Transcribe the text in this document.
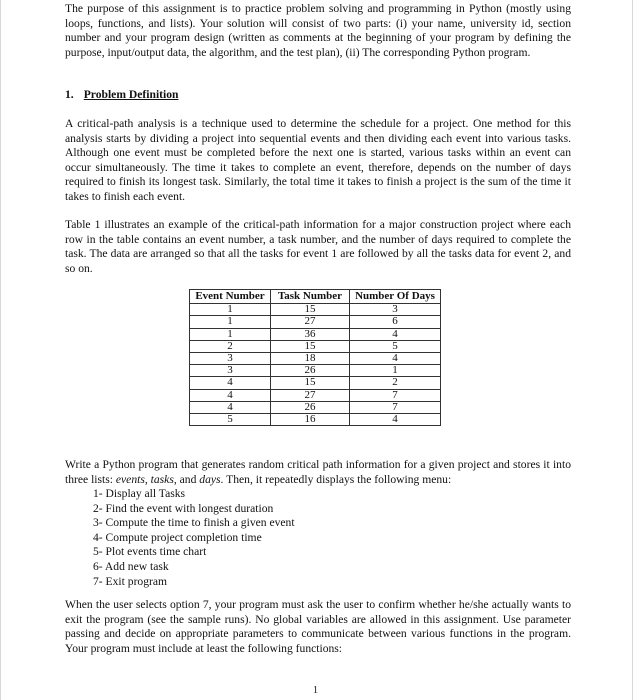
The purpose of this assignment is to practice problem solving and programming in Python (mostly using loops, functions, and lists). Your solution will consist of two parts: (i) your name, university id, section number and your program design (written as comments at the beginning of your program by defining the purpose, input/output data, the algorithm, and the test plan), (ii) The corresponding Python program.

1. Problem Definition

A critical-path analysis is a technique used to determine the schedule for a project. One method for this analysis starts by dividing a project into sequential events and then dividing each event into various tasks. Although one event must be completed before the next one is started, various tasks within an event can occur simultaneously. The time it takes to complete an event, therefore, depends on the number of days required to finish its longest task. Similarly, the total time it takes to finish a project is the sum of the time it takes to finish each event.

Table 1 illustrates an example of the critical-path information for a major construction project where each row in the table contains an event number, a task number, and the number of days required to complete the task. The data are arranged so that all the tasks for event 1 are followed by all the tasks data for event 2, and so on.

Event Number	Task Number	Number Of Days
1	15	3
1	27	6
1	36	4
2	15	5
3	18	4
3	26	1
4	15	2
4	27	7
4	26	7
5	16	4

Write a Python program that generates random critical path information for a given project and stores it into three lists: events, tasks, and days. Then, it repeatedly displays the following menu:

1- Display all Tasks
2- Find the event with longest duration
3- Compute the time to finish a given event
4- Compute project completion time
5- Plot events time chart
6- Add new task
7- Exit program

When the user selects option 7, your program must ask the user to confirm whether he/she actually wants to exit the program (see the sample runs). No global variables are allowed in this assignment. Use parameter passing and decide on appropriate parameters to communicate between various functions in the program. Your program must include at least the following functions:

1
